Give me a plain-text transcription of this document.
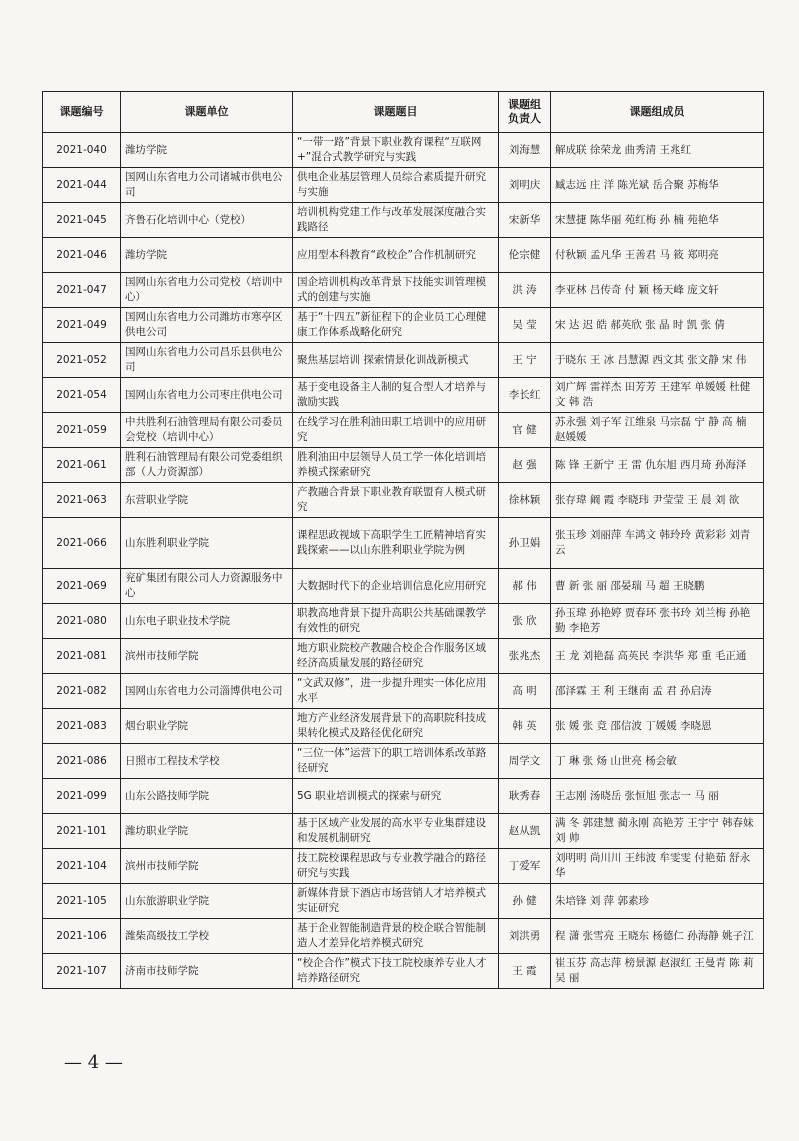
课题编号	课题单位	课题题目	课题组负责人	课题组成员
2021-040	潍坊学院	“一带一路”背景下职业教育课程“互联网+”混合式教学研究与实践	刘海慧	解成联 徐荣龙 曲秀清 王兆红
2021-044	国网山东省电力公司诸城市供电公司	供电企业基层管理人员综合素质提升研究与实施	刘明庆	臧志远 庄 洋 陈光斌 岳合聚 苏梅华
2021-045	齐鲁石化培训中心（党校）	培训机构党建工作与改革发展深度融合实践路径	宋新华	宋慧捷 陈华丽 苑红梅 孙 楠 苑艳华
2021-046	潍坊学院	应用型本科教育“政校企”合作机制研究	伦宗健	付秋颖 孟凡华 王善君 马 筱 郑明亮
2021-047	国网山东省电力公司党校（培训中心）	国企培训机构改革背景下技能实训管理模式的创建与实施	洪 涛	李亚林 吕传奇 付 颖 杨天峰 庞文轩
2021-049	国网山东省电力公司潍坊市寒亭区供电公司	基于“十四五”新征程下的企业员工心理健康工作体系战略化研究	吴 莹	宋 达 迟 皓 郝英欣 张 晶 时 凯 张 倩
2021-052	国网山东省电力公司昌乐县供电公司	聚焦基层培训 探索情景化训战新模式	王 宁	于晓东 王 冰 吕慧源 西文其 张文静 宋 伟
2021-054	国网山东省电力公司枣庄供电公司	基于变电设备主人制的复合型人才培养与激励实践	李长红	刘广辉 雷祥杰 田芳芳 王建军 单媛媛 杜健文 韩 浩
2021-059	中共胜利石油管理局有限公司委员会党校（培训中心）	在线学习在胜利油田职工培训中的应用研究	官 健	苏永强 刘子军 江维泉 马宗磊 宁 静 高 楠 赵媛媛
2021-061	胜利石油管理局有限公司党委组织部（人力资源部）	胜利油田中层领导人员工学一体化培训培养模式探索研究	赵 强	陈 锋 王新宁 王 雷 仇东旭 西月琦 孙海泽
2021-063	东营职业学院	产教融合背景下职业教育联盟育人模式研究	徐林颖	张存瑋 阚 霞 李晓玮 尹莹莹 王 晨 刘 欲
2021-066	山东胜利职业学院	课程思政视域下高职学生工匠精神培育实践探索——以山东胜利职业学院为例	孙卫娟	张玉珍 刘丽萍 车鸿文 韩玲玲 黄彩彩 刘青云
2021-069	兖矿集团有限公司人力资源服务中心	大数据时代下的企业培训信息化应用研究	郝 伟	曹 新 张 丽 邵晏瑞 马 超 王晓鹏
2021-080	山东电子职业技术学院	职教高地背景下提升高职公共基础课教学有效性的研究	张 欣	孙玉瑋 孙艳婷 贾春环 张书玲 刘兰梅 孙艳勤 李艳芳
2021-081	滨州市技师学院	地方职业院校产教融合校企合作服务区域经济高质量发展的路径研究	张兆杰	王 龙 刘艳磊 高英民 李洪华 郑 重 毛正通
2021-082	国网山东省电力公司淄博供电公司	“文武双修”，进一步提升理实一体化应用水平	高 明	邵泽霖 王 利 王继南 孟 君 孙启涛
2021-083	烟台职业学院	地方产业经济发展背景下的高职院科技成果转化模式及路径优化研究	韩 英	张 媛 张 竞 邵信波 丁媛媛 李晓恩
2021-086	日照市工程技术学校	“三位一体”运营下的职工培训体系改革路径研究	周学文	丁 琳 张 炀 山世亮 杨会敏
2021-099	山东公路技师学院	5G 职业培训模式的探索与研究	耿秀春	王志刚 汤晓岳 张恒旭 张志一 马 丽
2021-101	潍坊职业学院	基于区域产业发展的高水平专业集群建设和发展机制研究	赵从凯	满 冬 郭建慧 蔺永刚 高艳芳 王宇宁 韩春妹 刘 帅
2021-104	滨州市技师学院	技工院校课程思政与专业教学融合的路径研究与实践	丁爱军	刘明明 尚川川 王纬波 牟雯雯 付艳茹 舒永华
2021-105	山东旅游职业学院	新媒体背景下酒店市场营销人才培养模式实证研究	孙 健	朱培锋 刘 萍 郭素珍
2021-106	潍柴高级技工学校	基于企业智能制造背景的校企联合智能制造人才差异化培养模式研究	刘洪勇	程 潇 张雪亮 王晓东 杨德仁 孙海静 姚子江
2021-107	济南市技师学院	“校企合作”模式下技工院校康养专业人才培养路径研究	王 霞	崔玉芬 高志萍 榜景源 赵淑红 王曼青 陈 莉 吴 丽
— 4 —
